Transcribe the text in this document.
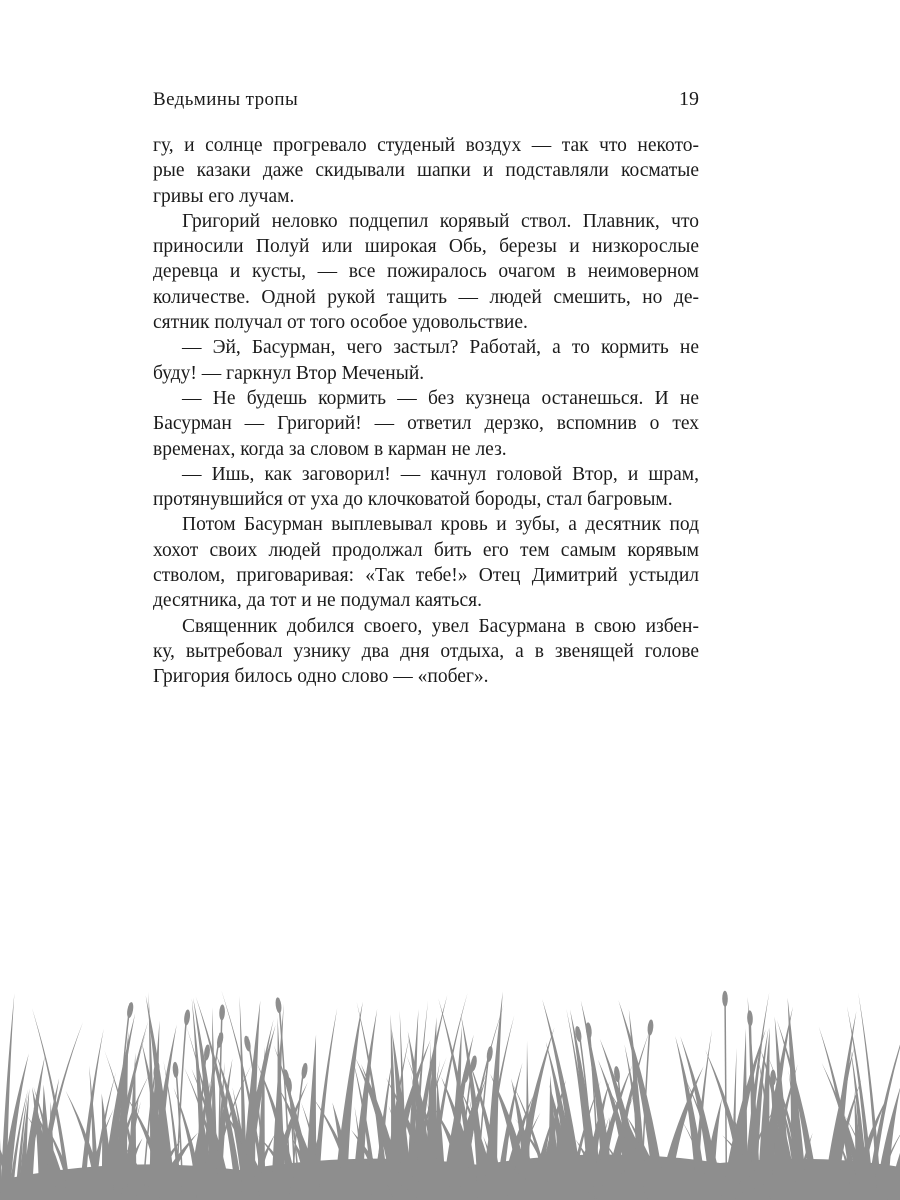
Ведьмины тропы	19
гу, и солнце прогревало студеный воздух — так что некото-
рые казаки даже скидывали шапки и подставляли косматые
гривы его лучам.
Григорий неловко подцепил корявый ствол. Плавник, что
приносили Полуй или широкая Обь, березы и низкорослые
деревца и кусты, — все пожиралось очагом в неимоверном
количестве. Одной рукой тащить — людей смешить, но де-
сятник получал от того особое удовольствие.
— Эй, Басурман, чего застыл? Работай, а то кормить не
буду! — гаркнул Втор Меченый.
— Не будешь кормить — без кузнеца останешься. И не
Басурман — Григорий! — ответил дерзко, вспомнив о тех
временах, когда за словом в карман не лез.
— Ишь, как заговорил! — качнул головой Втор, и шрам,
протянувшийся от уха до клочковатой бороды, стал багровым.
Потом Басурман выплевывал кровь и зубы, а десятник под
хохот своих людей продолжал бить его тем самым корявым
стволом, приговаривая: «Так тебе!» Отец Димитрий устыдил
десятника, да тот и не подумал каяться.
Священник добился своего, увел Басурмана в свою избен-
ку, вытребовал узнику два дня отдыха, а в звенящей голове
Григория билось одно слово — «побег».
